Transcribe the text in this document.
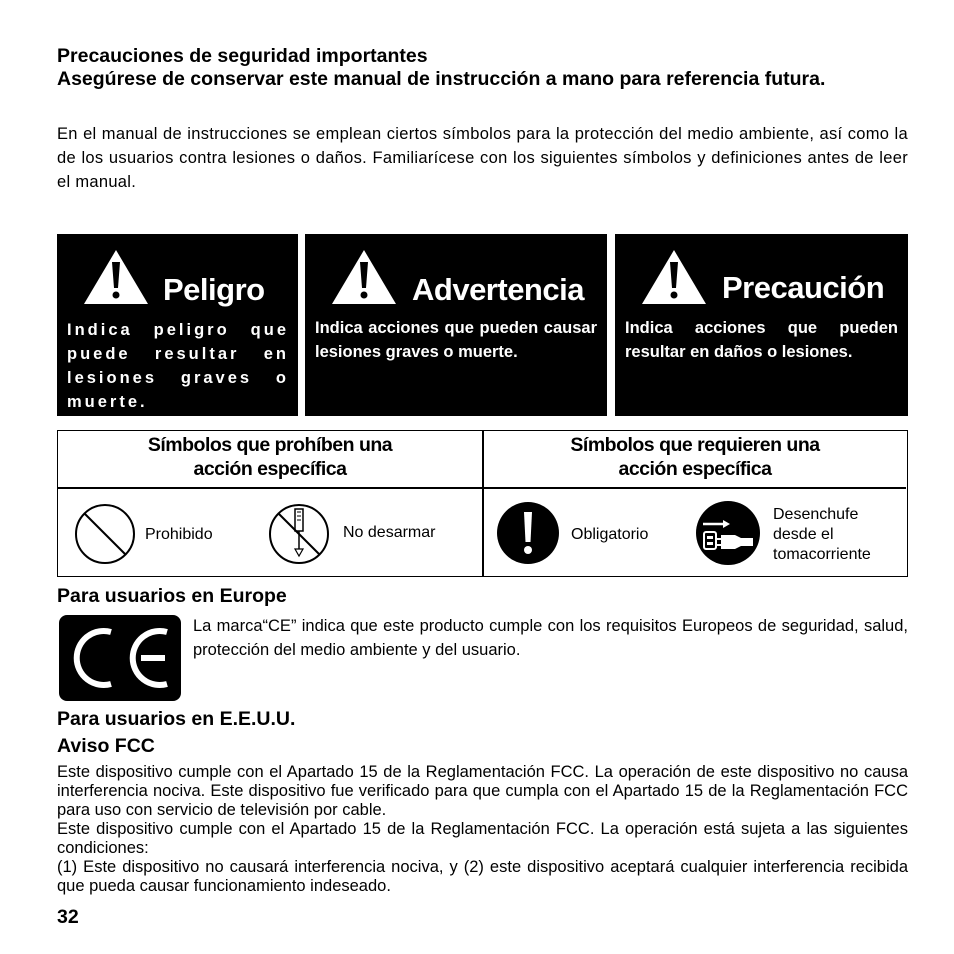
Precauciones de seguridad importantes
Asegúrese de conservar este manual de instrucción a mano para referencia futura.
En el manual de instrucciones se emplean ciertos símbolos para la protección del medio ambiente, así como la de los usuarios contra lesiones o daños. Familiarícese con los siguientes símbolos y definiciones antes de leer el manual.
Peligro
Indica peligro que puede resultar en lesiones graves o muerte.
Advertencia
Indica acciones que pueden causar lesiones graves o muerte.
Precaución
Indica acciones que pueden resultar en daños o lesiones.
Símbolos que prohíben una
acción específica
Símbolos que requieren una
acción específica
Prohibido	No desarmar	Obligatorio
Desenchufe
desde el
tomacorriente
Para usuarios en Europe
La marca“CE” indica que este producto cumple con los requisitos Europeos de seguridad, salud, protección del medio ambiente y del usuario.
Para usuarios en E.E.U.U.
Aviso FCC
Este dispositivo cumple con el Apartado 15 de la Reglamentación FCC. La operación de este dispositivo no causa interferencia nociva. Este dispositivo fue verificado para que cumpla con el Apartado 15 de la Reglamentación FCC para uso con servicio de televisión por cable.
Este dispositivo cumple con el Apartado 15 de la Reglamentación FCC. La operación está sujeta a las siguientes condiciones:
(1) Este dispositivo no causará interferencia nociva, y (2) este dispositivo aceptará cualquier interferencia recibida que pueda causar funcionamiento indeseado.
32
